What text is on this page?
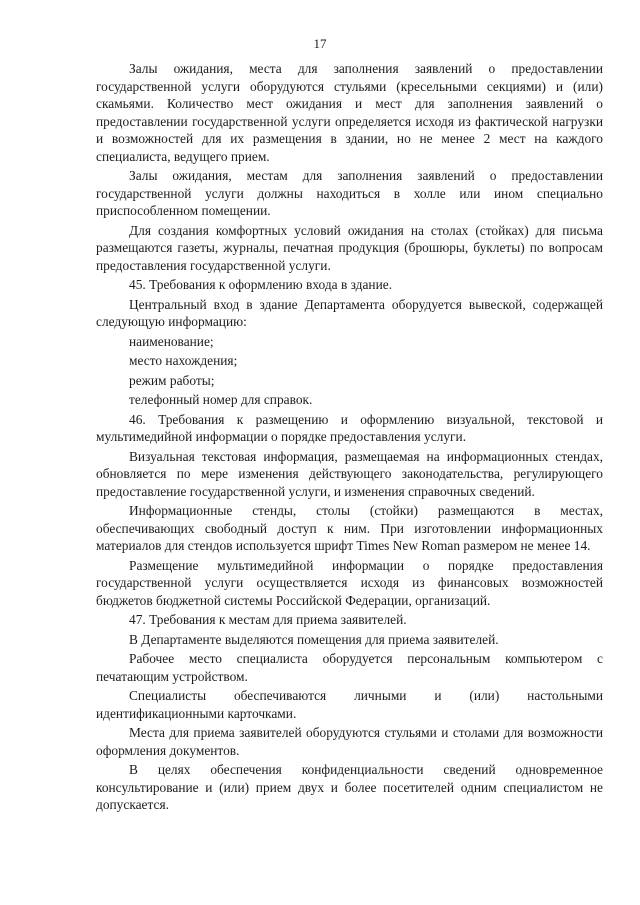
17

Залы ожидания, места для заполнения заявлений о предоставлении государственной услуги оборудуются стульями (кресельными секциями) и (или) скамьями. Количество мест ожидания и мест для заполнения заявлений о предоставлении государственной услуги определяется исходя из фактической нагрузки и возможностей для их размещения в здании, но не менее 2 мест на каждого специалиста, ведущего прием.

Залы ожидания, местам для заполнения заявлений о предоставлении государственной услуги должны находиться в холле или ином специально приспособленном помещении.

Для создания комфортных условий ожидания на столах (стойках) для письма размещаются газеты, журналы, печатная продукция (брошюры, буклеты) по вопросам предоставления государственной услуги.

45. Требования к оформлению входа в здание.

Центральный вход в здание Департамента оборудуется вывеской, содержащей следующую информацию:

наименование;

место нахождения;

режим работы;

телефонный номер для справок.

46. Требования к размещению и оформлению визуальной, текстовой и мультимедийной информации о порядке предоставления услуги.

Визуальная текстовая информация, размещаемая на информационных стендах, обновляется по мере изменения действующего законодательства, регулирующего предоставление государственной услуги, и изменения справочных сведений.

Информационные стенды, столы (стойки) размещаются в местах, обеспечивающих свободный доступ к ним. При изготовлении информационных материалов для стендов используется шрифт Times New Roman размером не менее 14.

Размещение мультимедийной информации о порядке предоставления государственной услуги осуществляется исходя из финансовых возможностей бюджетов бюджетной системы Российской Федерации, организаций.

47. Требования к местам для приема заявителей.

В Департаменте выделяются помещения для приема заявителей.

Рабочее место специалиста оборудуется персональным компьютером с печатающим устройством.

Специалисты обеспечиваются личными и (или) настольными идентификационными карточками.

Места для приема заявителей оборудуются стульями и столами для возможности оформления документов.

В целях обеспечения конфиденциальности сведений одновременное консультирование и (или) прием двух и более посетителей одним специалистом не допускается.
